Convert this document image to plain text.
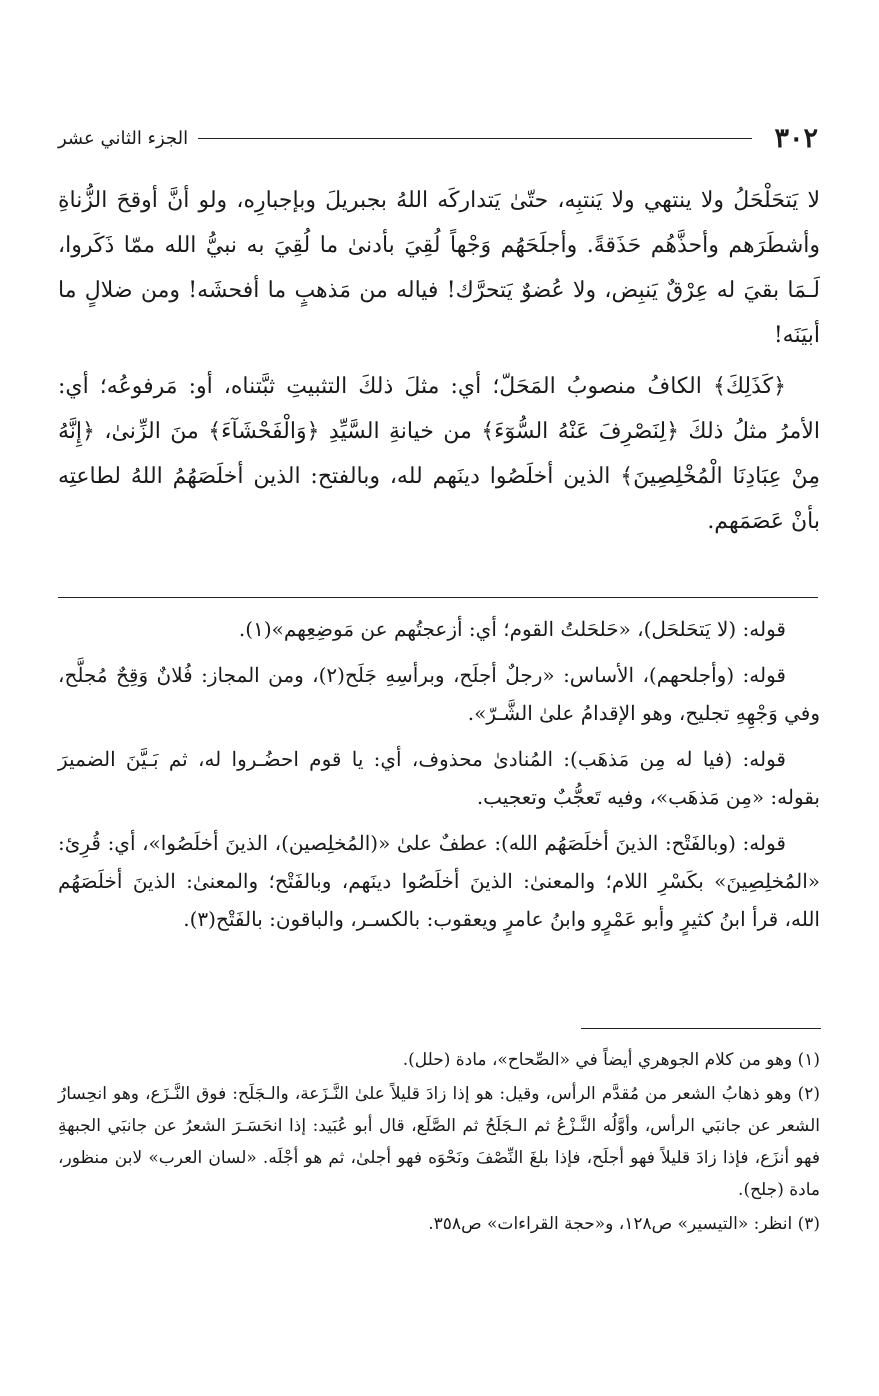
٣٠٢
الجزء الثاني عشر

لا يَتحَلْحَلُ ولا ينتهي ولا يَنتبِه، حتّىٰ يَتداركَه اللهُ بجبريلَ وبإجبارِه، ولو أنَّ أوقحَ الزُّناةِ وأشطَرَهم وأحذَّهُم حَذَقةً. وأجلَحَهُم وَجْهاً لُقِيَ بأدنىٰ ما لُقِيَ به نبيُّ الله ممّا ذَكَروا، لَـمَا بقيَ له عِرْقٌ يَنبِض، ولا عُضوٌ يَتحرَّك! فياله من مَذهبٍ ما أفحشَه! ومن ضلالٍ ما أبيَنَه!

﴿كَذَلِكَ﴾ الكافُ منصوبُ المَحَلّ؛ أي: مثلَ ذلكَ التثبيتِ ثبَّتناه، أو: مَرفوعُه؛ أي: الأمرُ مثلُ ذلكَ ﴿لِنَصْرِفَ عَنْهُ السُّوٓءَ﴾ من خيانةِ السَّيِّدِ ﴿وَالْفَحْشَآءَ﴾ منَ الزِّنىٰ، ﴿إِنَّهُ مِنْ عِبَادِنَا الْمُخْلِصِينَ﴾ الذين أخلَصُوا دينَهم لله، وبالفتح: الذين أخلَصَهُمُ اللهُ لطاعتِه بأنْ عَصَمَهم.

قوله: (لا يَتحَلحَل)، «حَلحَلتُ القوم؛ أي: أزعجتُهم عن مَوضِعِهم»(١).

قوله: (وأجلحهم)، الأساس: «رجلٌ أجلَح، وبرأسِهِ جَلَح(٢)، ومن المجاز: فُلانٌ وَقِحٌ مُجلَّح، وفي وَجْهِهِ تجليح، وهو الإقدامُ علىٰ الشَّـرّ».

قوله: (فيا له مِن مَذهَب): المُنادىٰ محذوف، أي: يا قوم احضُـروا له، ثم بَـيَّنَ الضميرَ بقوله: «مِن مَذهَب»، وفيه تَعجُّبٌ وتعجيب.

قوله: (وبالفَتْح: الذينَ أخلَصَهُم الله): عطفٌ علىٰ «(المُخلِصين)، الذينَ أخلَصُوا»، أي: قُرِئ: «المُخلِصِينَ» بكَسْرِ اللام؛ والمعنىٰ: الذينَ أخلَصُوا دينَهم، وبالفَتْح؛ والمعنىٰ: الذينَ أخلَصَهُم الله، قرأ ابنُ كثيرٍ وأبو عَمْرٍو وابنُ عامرٍ ويعقوب: بالكسـر، والباقون: بالفَتْح(٣).

(١) وهو من كلام الجوهري أيضاً في «الصِّحاح»، مادة (حلل).

(٢) وهو ذهابُ الشعر من مُقدَّم الرأس، وقيل: هو إذا زادَ قليلاً علىٰ النَّـزَعة، والـجَلَح: فوق النَّـزَع، وهو انحِسارُ الشعر عن جانبَي الرأس، وأوَّلُه النَّـزْعُ ثم الـجَلَحُ ثم الصَّلَع، قال أبو عُبَيد: إذا انحَسَـرَ الشعرُ عن جانبَي الجبهةِ فهو أنزَع، فإذا زادَ قليلاً فهو أجلَح، فإذا بلغَ النِّصْفَ ونَحْوَه فهو أجلىٰ، ثم هو أجْلَه. «لسان العرب» لابن منظور، مادة (جلح).

(٣) انظر: «التيسير» ص١٢٨، و«حجة القراءات» ص٣٥٨.
